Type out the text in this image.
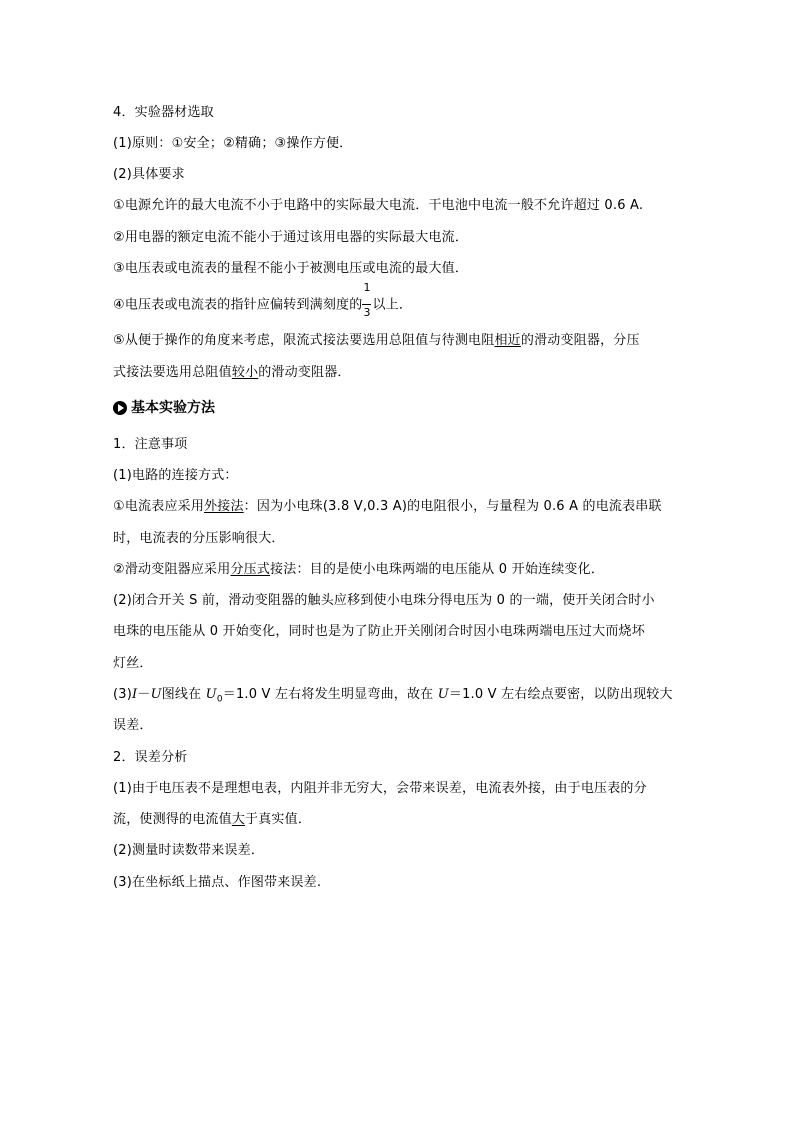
4．实验器材选取
(1)原则：①安全；②精确；③操作方便．
(2)具体要求
①电源允许的最大电流不小于电路中的实际最大电流．干电池中电流一般不允许超过 0.6 A.
②用电器的额定电流不能小于通过该用电器的实际最大电流．
③电压表或电流表的量程不能小于被测电压或电流的最大值．
④电压表或电流表的指针应偏转到满刻度的 $\frac{1}{3}$ 以上．
⑤从便于操作的角度来考虑，限流式接法要选用总阻值与待测电阻相近的滑动变阻器，分压
式接法要选用总阻值较小的滑动变阻器．
基本实验方法
1．注意事项
(1)电路的连接方式：
①电流表应采用外接法：因为小电珠(3.8 V,0.3 A)的电阻很小，与量程为 0.6 A 的电流表串联
时，电流表的分压影响很大．
②滑动变阻器应采用分压式接法：目的是使小电珠两端的电压能从 0 开始连续变化．
(2)闭合开关 S 前，滑动变阻器的触头应移到使小电珠分得电压为 0 的一端，使开关闭合时小
电珠的电压能从 0 开始变化，同时也是为了防止开关刚闭合时因小电珠两端电压过大而烧坏
灯丝．
(3)I－U图线在 $U_0=1.0$ V 左右将发生明显弯曲，故在 U＝1.0 V 左右绘点要密，以防出现较大
误差．
2．误差分析
(1)由于电压表不是理想电表，内阻并非无穷大，会带来误差，电流表外接，由于电压表的分
流，使测得的电流值大于真实值．
(2)测量时读数带来误差．
(3)在坐标纸上描点、作图带来误差.
